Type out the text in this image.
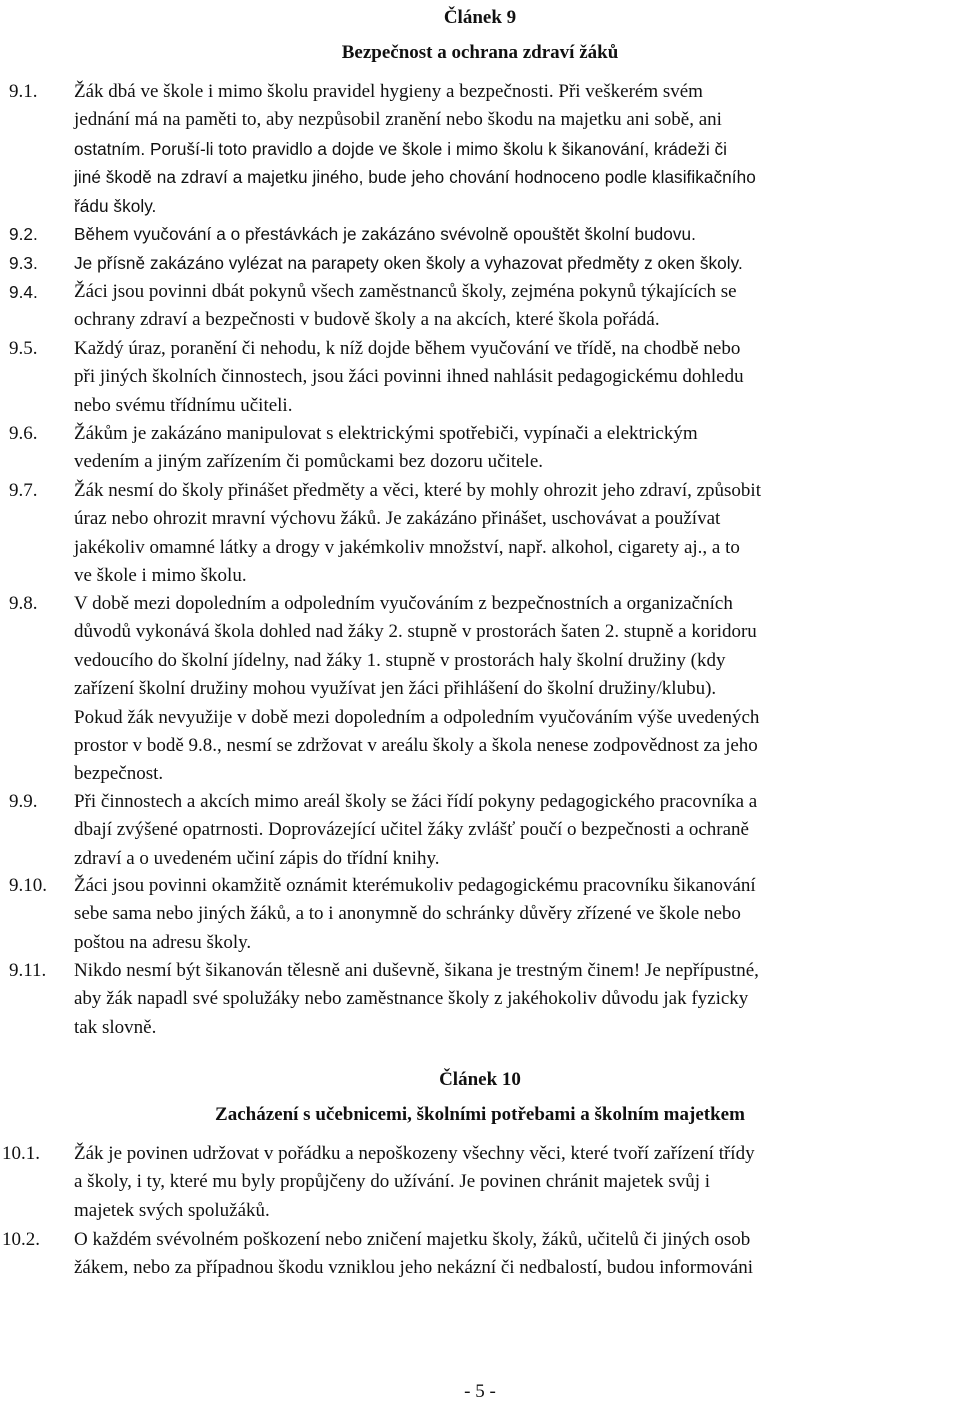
Článek 9
Bezpečnost a ochrana zdraví žáků
9.1. Žák dbá ve škole i mimo školu pravidel hygieny a bezpečnosti. Při veškerém svém
jednání má na paměti to, aby nezpůsobil zranění nebo škodu na majetku ani sobě, ani
ostatním. Poruší-li toto pravidlo a dojde ve škole i mimo školu k šikanování, krádeži či
jiné škodě na zdraví a majetku jiného, bude jeho chování hodnoceno podle klasifikačního
řádu školy.

9.2. Během vyučování a o přestávkách je zakázáno svévolně opouštět školní budovu.

9.3. Je přísně zakázáno vylézat na parapety oken školy a vyhazovat předměty z oken školy.

9.4. Žáci jsou povinni dbát pokynů všech zaměstnanců školy, zejména pokynů týkajících se
ochrany zdraví a bezpečnosti v budově školy a na akcích, které škola pořádá.

9.5. Každý úraz, poranění či nehodu, k níž dojde během vyučování ve třídě, na chodbě nebo
při jiných školních činnostech, jsou žáci povinni ihned nahlásit pedagogickému dohledu
nebo svému třídnímu učiteli.

9.6. Žákům je zakázáno manipulovat s elektrickými spotřebiči, vypínači a elektrickým
vedením a jiným zařízením či pomůckami bez dozoru učitele.

9.7. Žák nesmí do školy přinášet předměty a věci, které by mohly ohrozit jeho zdraví, způsobit
úraz nebo ohrozit mravní výchovu žáků. Je zakázáno přinášet, uschovávat a používat
jakékoliv omamné látky a drogy v jakémkoliv množství, např. alkohol, cigarety aj., a to
ve škole i mimo školu.

9.8. V době mezi dopoledním a odpoledním vyučováním z bezpečnostních a organizačních
důvodů vykonává škola dohled nad žáky 2. stupně v prostorách šaten 2. stupně a koridoru
vedoucího do školní jídelny, nad žáky 1. stupně v prostorách haly školní družiny (kdy
zařízení školní družiny mohou využívat jen žáci přihlášení do školní družiny/klubu).
Pokud žák nevyužije v době mezi dopoledním a odpoledním vyučováním výše uvedených
prostor v bodě 9.8., nesmí se zdržovat v areálu školy a škola nenese zodpovědnost za jeho
bezpečnost.

9.9. Při činnostech a akcích mimo areál školy se žáci řídí pokyny pedagogického pracovníka a
dbají zvýšené opatrnosti. Doprovázející učitel žáky zvlášť poučí o bezpečnosti a ochraně
zdraví a o uvedeném učiní zápis do třídní knihy.

9.10. Žáci jsou povinni okamžitě oznámit kterémukoliv pedagogickému pracovníku šikanování
sebe sama nebo jiných žáků, a to i anonymně do schránky důvěry zřízené ve škole nebo
poštou na adresu školy.

9.11. Nikdo nesmí být šikanován tělesně ani duševně, šikana je trestným činem! Je nepřípustné,
aby žák napadl své spolužáky nebo zaměstnance školy z jakéhokoliv důvodu jak fyzicky
tak slovně.

Článek 10
Zacházení s učebnicemi, školními potřebami a školním majetkem
10.1. Žák je povinen udržovat v pořádku a nepoškozeny všechny věci, které tvoří zařízení třídy
a školy, i ty, které mu byly propůjčeny do užívání. Je povinen chránit majetek svůj i
majetek svých spolužáků.

10.2. O každém svévolném poškození nebo zničení majetku školy, žáků, učitelů či jiných osob
žákem, nebo za případnou škodu vzniklou jeho nekázní či nedbalostí, budou informováni

- 5 -
